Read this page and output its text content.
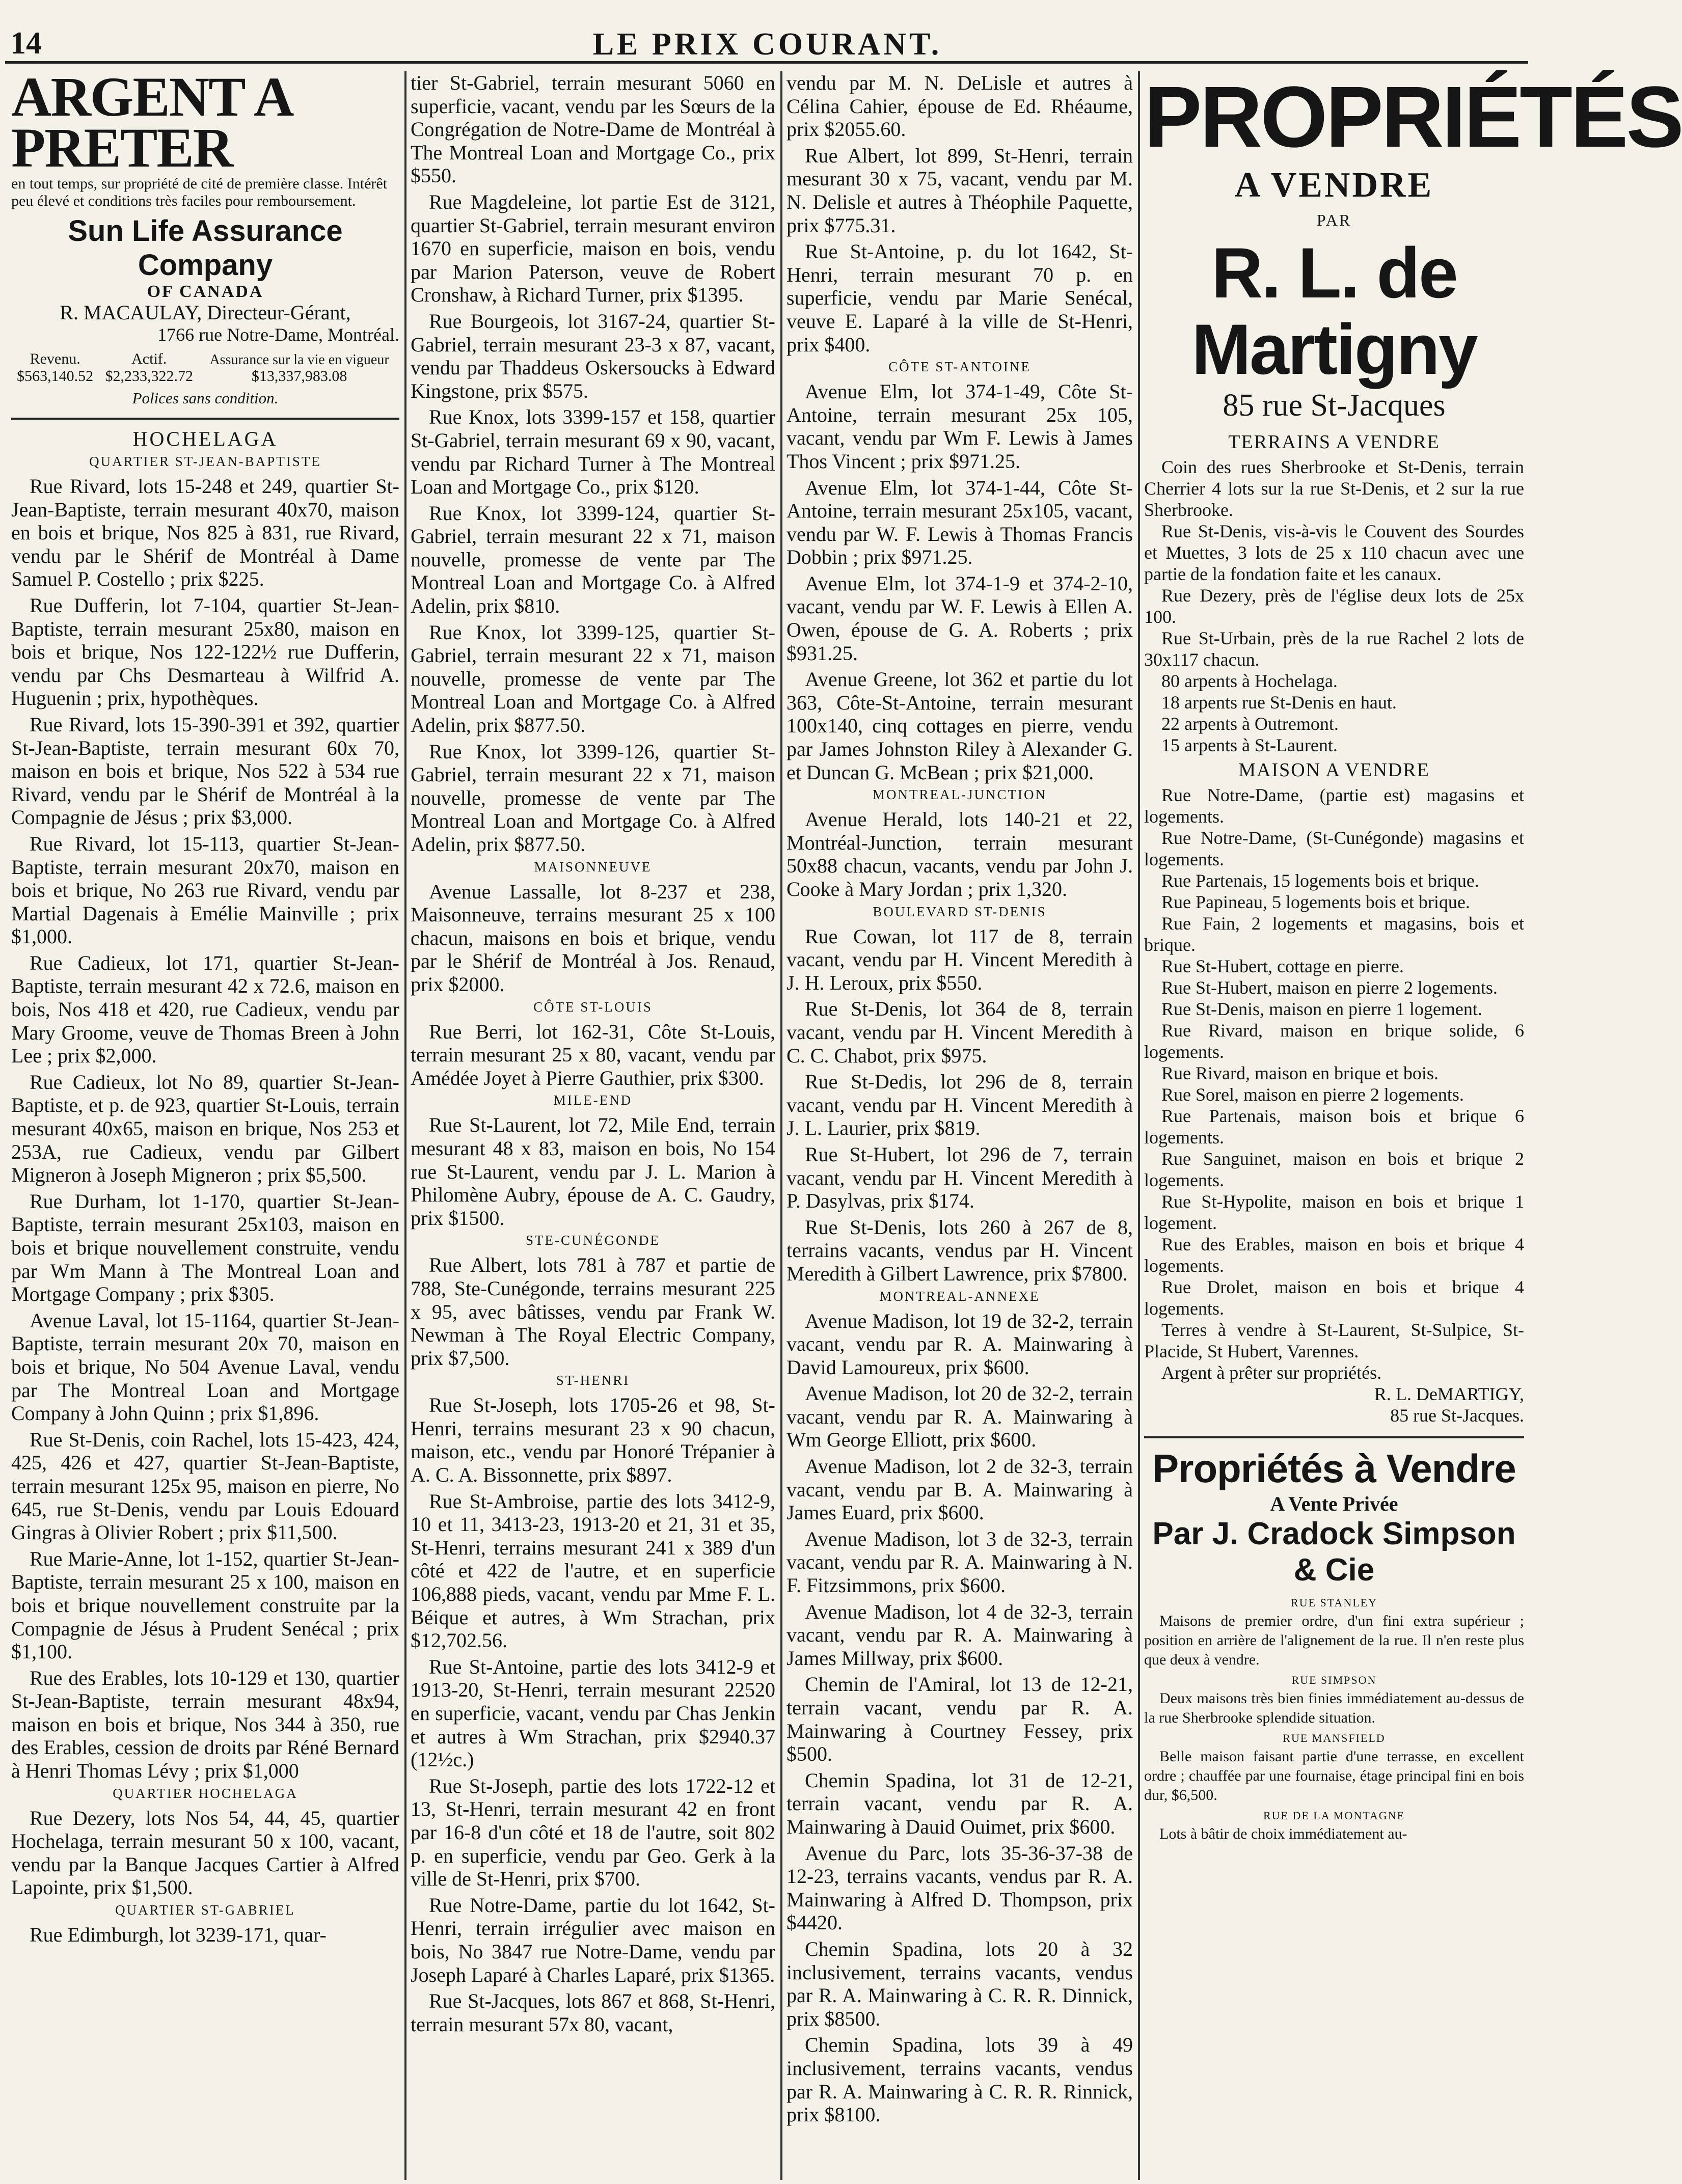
14	LE PRIX COURANT.
ARGENT A PRETER
en tout temps, sur propriété de cité de première classe. Intérêt peu élevé et conditions très faciles pour remboursement.
Sun Life Assurance Company
OF CANADA
R. MACAULAY, Directeur-Gérant,
1766 rue Notre-Dame, Montréal.
Revenu.	Actif.	Assurance sur la vie en vigueur
$563,140.52	$2,233,322.72	$13,337,983.08
Polices sans condition.
HOCHELAGA
QUARTIER ST-JEAN-BAPTISTE

Rue Rivard, lots 15-248 et 249, quartier St-Jean-Baptiste, terrain mesurant 40x70, maison en bois et brique, Nos 825 à 831, rue Rivard, vendu par le Shérif de Montréal à Dame Samuel P. Costello ; prix $225.

Rue Dufferin, lot 7-104, quartier St-Jean-Baptiste, terrain mesurant 25x80, maison en bois et brique, Nos 122-122½ rue Dufferin, vendu par Chs Desmarteau à Wilfrid A. Huguenin ; prix, hypothèques.

Rue Rivard, lots 15-390-391 et 392, quartier St-Jean-Baptiste, terrain mesurant 60x 70, maison en bois et brique, Nos 522 à 534 rue Rivard, vendu par le Shérif de Montréal à la Compagnie de Jésus ; prix $3,000.

Rue Rivard, lot 15-113, quartier St-Jean-Baptiste, terrain mesurant 20x70, maison en bois et brique, No 263 rue Rivard, vendu par Martial Dagenais à Emélie Mainville ; prix $1,000.

Rue Cadieux, lot 171, quartier St-Jean-Baptiste, terrain mesurant 42 x 72.6, maison en bois, Nos 418 et 420, rue Cadieux, vendu par Mary Groome, veuve de Thomas Breen à John Lee ; prix $2,000.

Rue Cadieux, lot No 89, quartier St-Jean-Baptiste, et p. de 923, quartier St-Louis, terrain mesurant 40x65, maison en brique, Nos 253 et 253A, rue Cadieux, vendu par Gilbert Migneron à Joseph Migneron ; prix $5,500.

Rue Durham, lot 1-170, quartier St-Jean-Baptiste, terrain mesurant 25x103, maison en bois et brique nouvellement construite, vendu par Wm Mann à The Montreal Loan and Mortgage Company ; prix $305.

Avenue Laval, lot 15-1164, quartier St-Jean-Baptiste, terrain mesurant 20x 70, maison en bois et brique, No 504 Avenue Laval, vendu par The Montreal Loan and Mortgage Company à John Quinn ; prix $1,896.

Rue St-Denis, coin Rachel, lots 15-423, 424, 425, 426 et 427, quartier St-Jean-Baptiste, terrain mesurant 125x 95, maison en pierre, No 645, rue St-Denis, vendu par Louis Edouard Gingras à Olivier Robert ; prix $11,500.

Rue Marie-Anne, lot 1-152, quartier St-Jean-Baptiste, terrain mesurant 25 x 100, maison en bois et brique nouvellement construite par la Compagnie de Jésus à Prudent Senécal ; prix $1,100.

Rue des Erables, lots 10-129 et 130, quartier St-Jean-Baptiste, terrain mesurant 48x94, maison en bois et brique, Nos 344 à 350, rue des Erables, cession de droits par Réné Bernard à Henri Thomas Lévy ; prix $1,000

QUARTIER HOCHELAGA

Rue Dezery, lots Nos 54, 44, 45, quartier Hochelaga, terrain mesurant 50 x 100, vacant, vendu par la Banque Jacques Cartier à Alfred Lapointe, prix $1,500.

QUARTIER ST-GABRIEL

Rue Edimburgh, lot 3239-171, quar-

tier St-Gabriel, terrain mesurant 5060 en superficie, vacant, vendu par les Sœurs de la Congrégation de Notre-Dame de Montréal à The Montreal Loan and Mortgage Co., prix $550.

Rue Magdeleine, lot partie Est de 3121, quartier St-Gabriel, terrain mesurant environ 1670 en superficie, maison en bois, vendu par Marion Paterson, veuve de Robert Cronshaw, à Richard Turner, prix $1395.

Rue Bourgeois, lot 3167-24, quartier St-Gabriel, terrain mesurant 23-3 x 87, vacant, vendu par Thaddeus Oskersoucks à Edward Kingstone, prix $575.

Rue Knox, lots 3399-157 et 158, quartier St-Gabriel, terrain mesurant 69 x 90, vacant, vendu par Richard Turner à The Montreal Loan and Mortgage Co., prix $120.

Rue Knox, lot 3399-124, quartier St-Gabriel, terrain mesurant 22 x 71, maison nouvelle, promesse de vente par The Montreal Loan and Mortgage Co. à Alfred Adelin, prix $810.

Rue Knox, lot 3399-125, quartier St-Gabriel, terrain mesurant 22 x 71, maison nouvelle, promesse de vente par The Montreal Loan and Mortgage Co. à Alfred Adelin, prix $877.50.

Rue Knox, lot 3399-126, quartier St-Gabriel, terrain mesurant 22 x 71, maison nouvelle, promesse de vente par The Montreal Loan and Mortgage Co. à Alfred Adelin, prix $877.50.

MAISONNEUVE

Avenue Lassalle, lot 8-237 et 238, Maisonneuve, terrains mesurant 25 x 100 chacun, maisons en bois et brique, vendu par le Shérif de Montréal à Jos. Renaud, prix $2000.

CÔTE ST-LOUIS

Rue Berri, lot 162-31, Côte St-Louis, terrain mesurant 25 x 80, vacant, vendu par Amédée Joyet à Pierre Gauthier, prix $300.

MILE-END

Rue St-Laurent, lot 72, Mile End, terrain mesurant 48 x 83, maison en bois, No 154 rue St-Laurent, vendu par J. L. Marion à Philomène Aubry, épouse de A. C. Gaudry, prix $1500.

STE-CUNÉGONDE

Rue Albert, lots 781 à 787 et partie de 788, Ste-Cunégonde, terrains mesurant 225 x 95, avec bâtisses, vendu par Frank W. Newman à The Royal Electric Company, prix $7,500.

ST-HENRI

Rue St-Joseph, lots 1705-26 et 98, St-Henri, terrains mesurant 23 x 90 chacun, maison, etc., vendu par Honoré Trépanier à A. C. A. Bissonnette, prix $897.

Rue St-Ambroise, partie des lots 3412-9, 10 et 11, 3413-23, 1913-20 et 21, 31 et 35, St-Henri, terrains mesurant 241 x 389 d'un côté et 422 de l'autre, et en superficie 106,888 pieds, vacant, vendu par Mme F. L. Béique et autres, à Wm Strachan, prix $12,702.56.

Rue St-Antoine, partie des lots 3412-9 et 1913-20, St-Henri, terrain mesurant 22520 en superficie, vacant, vendu par Chas Jenkin et autres à Wm Strachan, prix $2940.37 (12½c.)

Rue St-Joseph, partie des lots 1722-12 et 13, St-Henri, terrain mesurant 42 en front par 16-8 d'un côté et 18 de l'autre, soit 802 p. en superficie, vendu par Geo. Gerk à la ville de St-Henri, prix $700.

Rue Notre-Dame, partie du lot 1642, St-Henri, terrain irrégulier avec maison en bois, No 3847 rue Notre-Dame, vendu par Joseph Laparé à Charles Laparé, prix $1365.

Rue St-Jacques, lots 867 et 868, St-Henri, terrain mesurant 57x 80, vacant,

vendu par M. N. DeLisle et autres à Célina Cahier, épouse de Ed. Rhéaume, prix $2055.60.

Rue Albert, lot 899, St-Henri, terrain mesurant 30 x 75, vacant, vendu par M. N. Delisle et autres à Théophile Paquette, prix $775.31.

Rue St-Antoine, p. du lot 1642, St-Henri, terrain mesurant 70 p. en superficie, vendu par Marie Senécal, veuve E. Laparé à la ville de St-Henri, prix $400.

CÔTE ST-ANTOINE

Avenue Elm, lot 374-1-49, Côte St-Antoine, terrain mesurant 25x 105, vacant, vendu par Wm F. Lewis à James Thos Vincent ; prix $971.25.

Avenue Elm, lot 374-1-44, Côte St-Antoine, terrain mesurant 25x105, vacant, vendu par W. F. Lewis à Thomas Francis Dobbin ; prix $971.25.

Avenue Elm, lot 374-1-9 et 374-2-10, vacant, vendu par W. F. Lewis à Ellen A. Owen, épouse de G. A. Roberts ; prix $931.25.

Avenue Greene, lot 362 et partie du lot 363, Côte-St-Antoine, terrain mesurant 100x140, cinq cottages en pierre, vendu par James Johnston Riley à Alexander G. et Duncan G. McBean ; prix $21,000.

MONTREAL-JUNCTION

Avenue Herald, lots 140-21 et 22, Montréal-Junction, terrain mesurant 50x88 chacun, vacants, vendu par John J. Cooke à Mary Jordan ; prix 1,320.

BOULEVARD ST-DENIS

Rue Cowan, lot 117 de 8, terrain vacant, vendu par H. Vincent Meredith à J. H. Leroux, prix $550.

Rue St-Denis, lot 364 de 8, terrain vacant, vendu par H. Vincent Meredith à C. C. Chabot, prix $975.

Rue St-Dedis, lot 296 de 8, terrain vacant, vendu par H. Vincent Meredith à J. L. Laurier, prix $819.

Rue St-Hubert, lot 296 de 7, terrain vacant, vendu par H. Vincent Meredith à P. Dasylvas, prix $174.

Rue St-Denis, lots 260 à 267 de 8, terrains vacants, vendus par H. Vincent Meredith à Gilbert Lawrence, prix $7800.

MONTREAL-ANNEXE

Avenue Madison, lot 19 de 32-2, terrain vacant, vendu par R. A. Mainwaring à David Lamoureux, prix $600.

Avenue Madison, lot 20 de 32-2, terrain vacant, vendu par R. A. Mainwaring à Wm George Elliott, prix $600.

Avenue Madison, lot 2 de 32-3, terrain vacant, vendu par B. A. Mainwaring à James Euard, prix $600.

Avenue Madison, lot 3 de 32-3, terrain vacant, vendu par R. A. Mainwaring à N. F. Fitzsimmons, prix $600.

Avenue Madison, lot 4 de 32-3, terrain vacant, vendu par R. A. Mainwaring à James Millway, prix $600.

Chemin de l'Amiral, lot 13 de 12-21, terrain vacant, vendu par R. A. Mainwaring à Courtney Fessey, prix $500.

Chemin Spadina, lot 31 de 12-21, terrain vacant, vendu par R. A. Mainwaring à Dauid Ouimet, prix $600.

Avenue du Parc, lots 35-36-37-38 de 12-23, terrains vacants, vendus par R. A. Mainwaring à Alfred D. Thompson, prix $4420.

Chemin Spadina, lots 20 à 32 inclusivement, terrains vacants, vendus par R. A. Mainwaring à C. R. R. Dinnick, prix $8500.

Chemin Spadina, lots 39 à 49 inclusivement, terrains vacants, vendus par R. A. Mainwaring à C. R. R. Rinnick, prix $8100.

PROPRIÉTÉS
A VENDRE
PAR
R. L. de Martigny
85 rue St-Jacques
TERRAINS A VENDRE

Coin des rues Sherbrooke et St-Denis, terrain Cherrier 4 lots sur la rue St-Denis, et 2 sur la rue Sherbrooke.

Rue St-Denis, vis-à-vis le Couvent des Sourdes et Muettes, 3 lots de 25 x 110 chacun avec une partie de la fondation faite et les canaux.

Rue Dezery, près de l'église deux lots de 25x 100.

Rue St-Urbain, près de la rue Rachel 2 lots de 30x117 chacun.

80 arpents à Hochelaga.

18 arpents rue St-Denis en haut.

22 arpents à Outremont.

15 arpents à St-Laurent.

MAISON A VENDRE

Rue Notre-Dame, (partie est) magasins et logements.

Rue Notre-Dame, (St-Cunégonde) magasins et logements.

Rue Partenais, 15 logements bois et brique.

Rue Papineau, 5 logements bois et brique.

Rue Fain, 2 logements et magasins, bois et brique.

Rue St-Hubert, cottage en pierre.

Rue St-Hubert, maison en pierre 2 logements.

Rue St-Denis, maison en pierre 1 logement.

Rue Rivard, maison en brique solide, 6 logements.

Rue Rivard, maison en brique et bois.

Rue Sorel, maison en pierre 2 logements.

Rue Partenais, maison bois et brique 6 logements.

Rue Sanguinet, maison en bois et brique 2 logements.

Rue St-Hypolite, maison en bois et brique 1 logement.

Rue des Erables, maison en bois et brique 4 logements.

Rue Drolet, maison en bois et brique 4 logements.

Terres à vendre à St-Laurent, St-Sulpice, St-Placide, St Hubert, Varennes.

Argent à prêter sur propriétés.

R. L. DeMARTIGY,
85 rue St-Jacques.
Propriétés à Vendre
A Vente Privée
Par J. Cradock Simpson & Cie
RUE STANLEY

Maisons de premier ordre, d'un fini extra supérieur ; position en arrière de l'alignement de la rue. Il n'en reste plus que deux à vendre.

RUE SIMPSON

Deux maisons très bien finies immédiatement au-dessus de la rue Sherbrooke splendide situation.

RUE MANSFIELD

Belle maison faisant partie d'une terrasse, en excellent ordre ; chauffée par une fournaise, étage principal fini en bois dur, $6,500.

RUE DE LA MONTAGNE

Lots à bâtir de choix immédiatement au-
